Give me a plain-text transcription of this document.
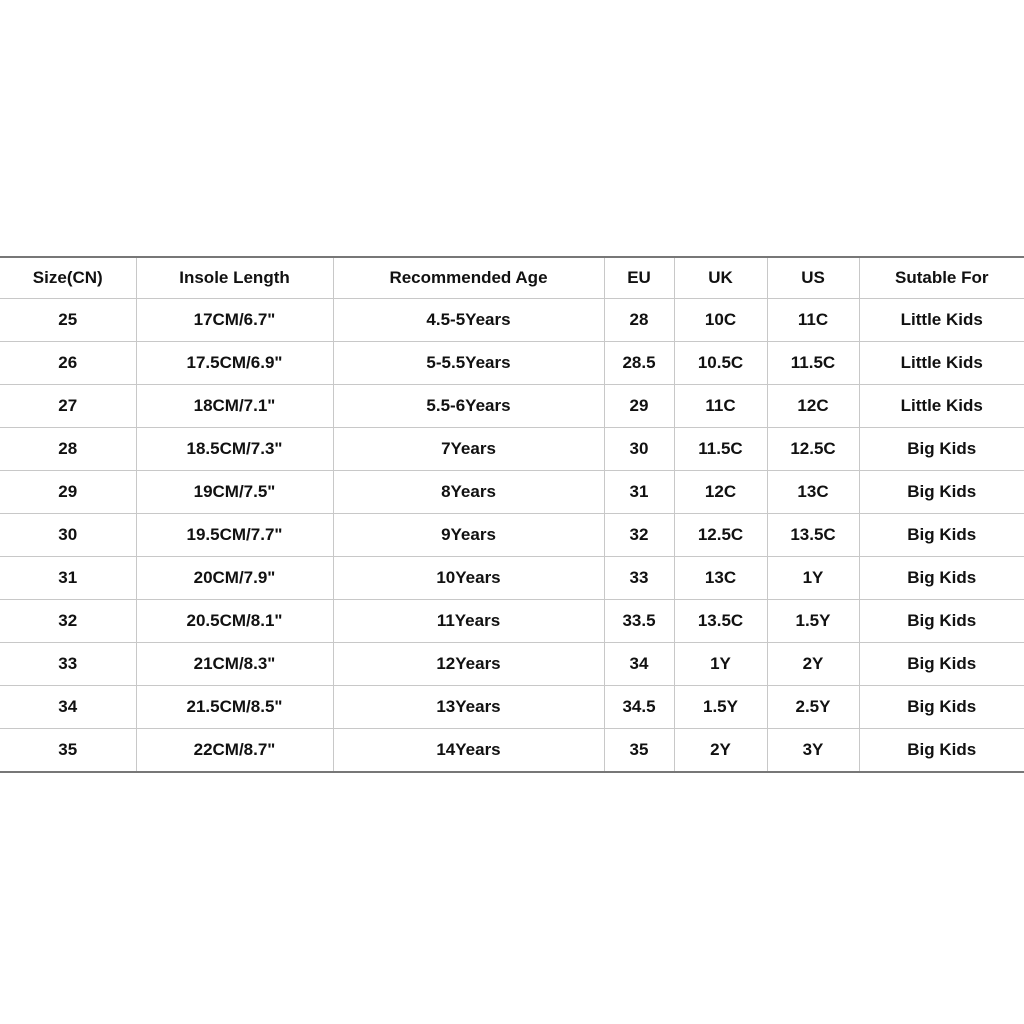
Size(CN)	Insole Length	Recommended Age	EU	UK	US	Sutable For
25	17CM/6.7"	4.5-5Years	28	10C	11C	Little Kids
26	17.5CM/6.9"	5-5.5Years	28.5	10.5C	11.5C	Little Kids
27	18CM/7.1"	5.5-6Years	29	11C	12C	Little Kids
28	18.5CM/7.3"	7Years	30	11.5C	12.5C	Big Kids
29	19CM/7.5"	8Years	31	12C	13C	Big Kids
30	19.5CM/7.7"	9Years	32	12.5C	13.5C	Big Kids
31	20CM/7.9"	10Years	33	13C	1Y	Big Kids
32	20.5CM/8.1"	11Years	33.5	13.5C	1.5Y	Big Kids
33	21CM/8.3"	12Years	34	1Y	2Y	Big Kids
34	21.5CM/8.5"	13Years	34.5	1.5Y	2.5Y	Big Kids
35	22CM/8.7"	14Years	35	2Y	3Y	Big Kids
